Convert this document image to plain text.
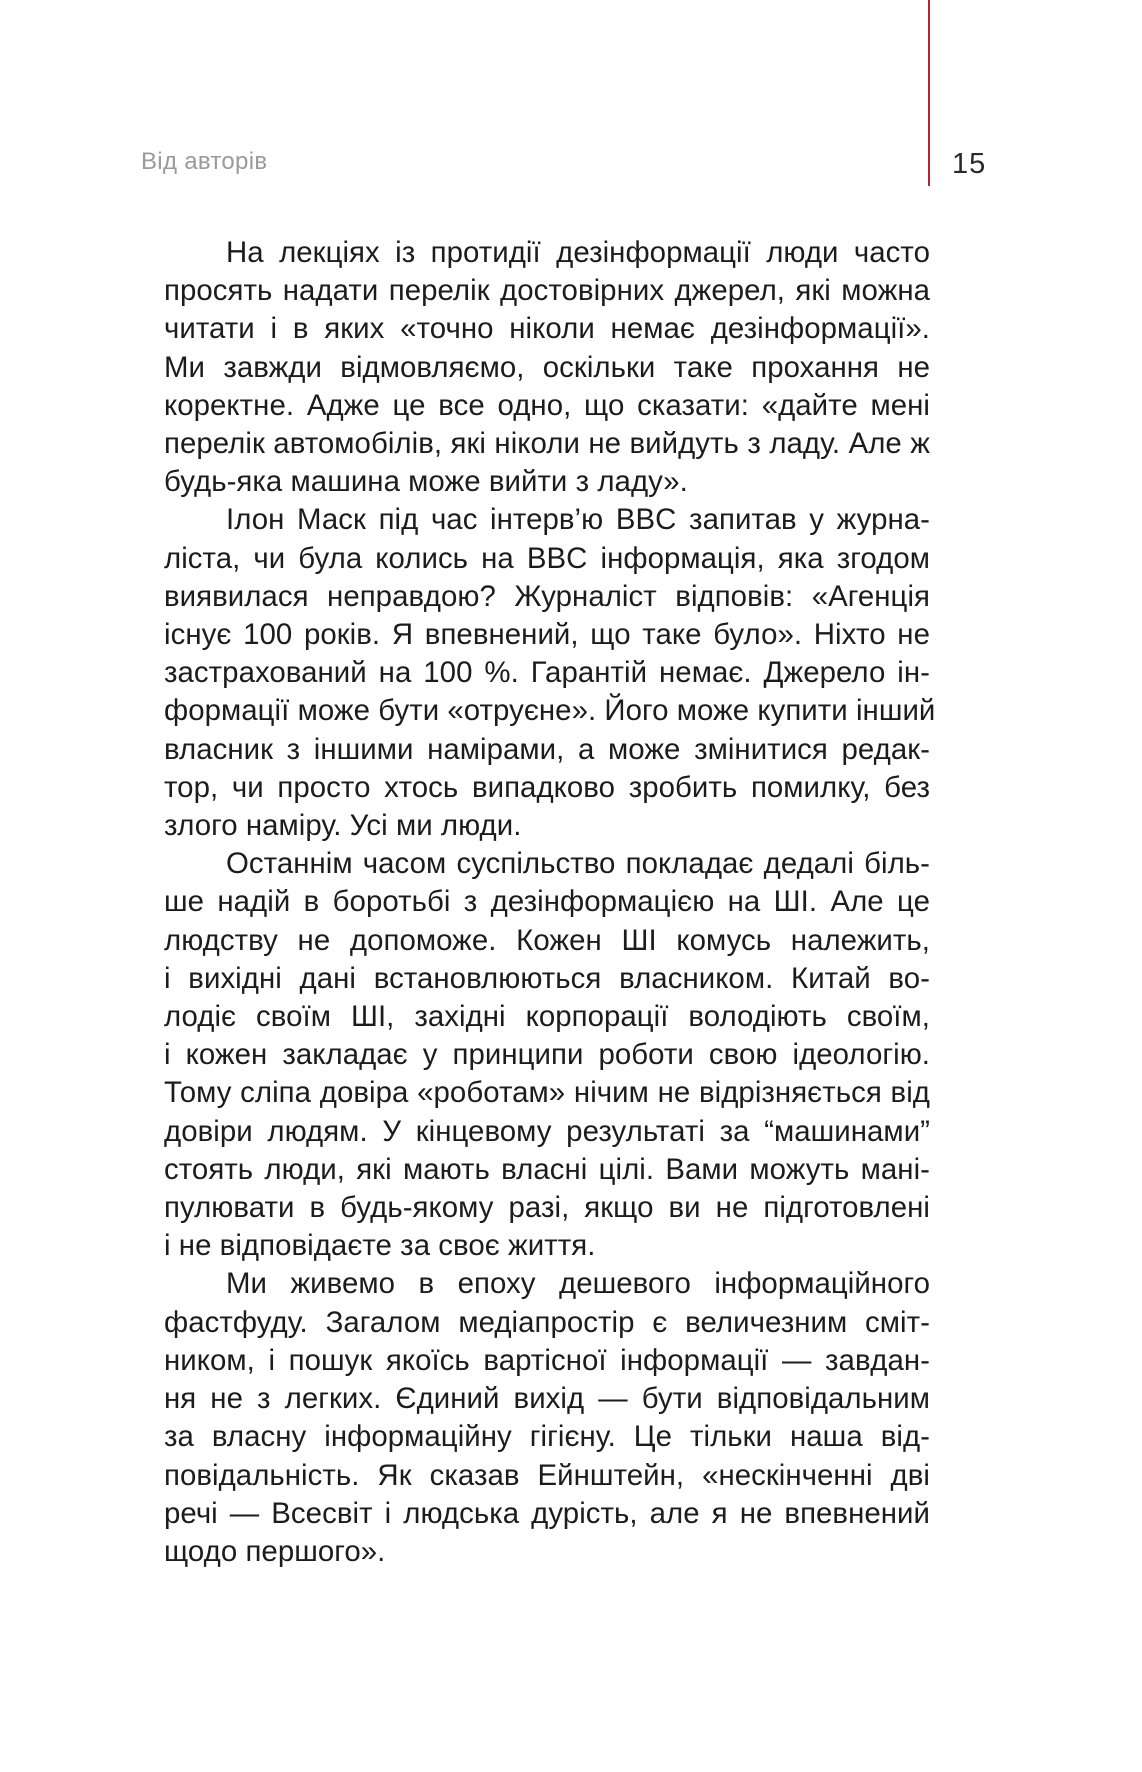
Від авторів	15

На лекціях із протидії дезінформації люди часто
просять надати перелік достовірних джерел, які можна
читати і в яких «точно ніколи немає дезінформації».
Ми завжди відмовляємо, оскільки таке прохання не
коректне. Адже це все одно, що сказати: «дайте мені
перелік автомобілів, які ніколи не вийдуть з ладу. Але ж
будь-яка машина може вийти з ладу».

Ілон Маск під час інтерв’ю BBC запитав у журна-
ліста, чи була колись на BBC інформація, яка згодом
виявилася неправдою? Журналіст відповів: «Агенція
існує 100 років. Я впевнений, що таке було». Ніхто не
застрахований на 100 %. Гарантій немає. Джерело ін-
формації може бути «отруєне». Його може купити інший
власник з іншими намірами, а може змінитися редак-
тор, чи просто хтось випадково зробить помилку, без
злого наміру. Усі ми люди.

Останнім часом суспільство покладає дедалі біль-
ше надій в боротьбі з дезінформацією на ШІ. Але це
людству не допоможе. Кожен ШІ комусь належить,
і вихідні дані встановлюються власником. Китай во-
лодіє своїм ШІ, західні корпорації володіють своїм,
і кожен закладає у принципи роботи свою ідеологію.
Тому сліпа довіра «роботам» нічим не відрізняється від
довіри людям. У кінцевому результаті за “машинами”
стоять люди, які мають власні цілі. Вами можуть мані-
пулювати в будь-якому разі, якщо ви не підготовлені
і не відповідаєте за своє життя.

Ми живемо в епоху дешевого інформаційного
фастфуду. Загалом медіапростір є величезним сміт-
ником, і пошук якоїсь вартісної інформації — завдан-
ня не з легких. Єдиний вихід — бути відповідальним
за власну інформаційну гігієну. Це тільки наша від-
повідальність. Як сказав Ейнштейн, «нескінченні дві
речі — Всесвіт і людська дурість, але я не впевнений
щодо першого».
